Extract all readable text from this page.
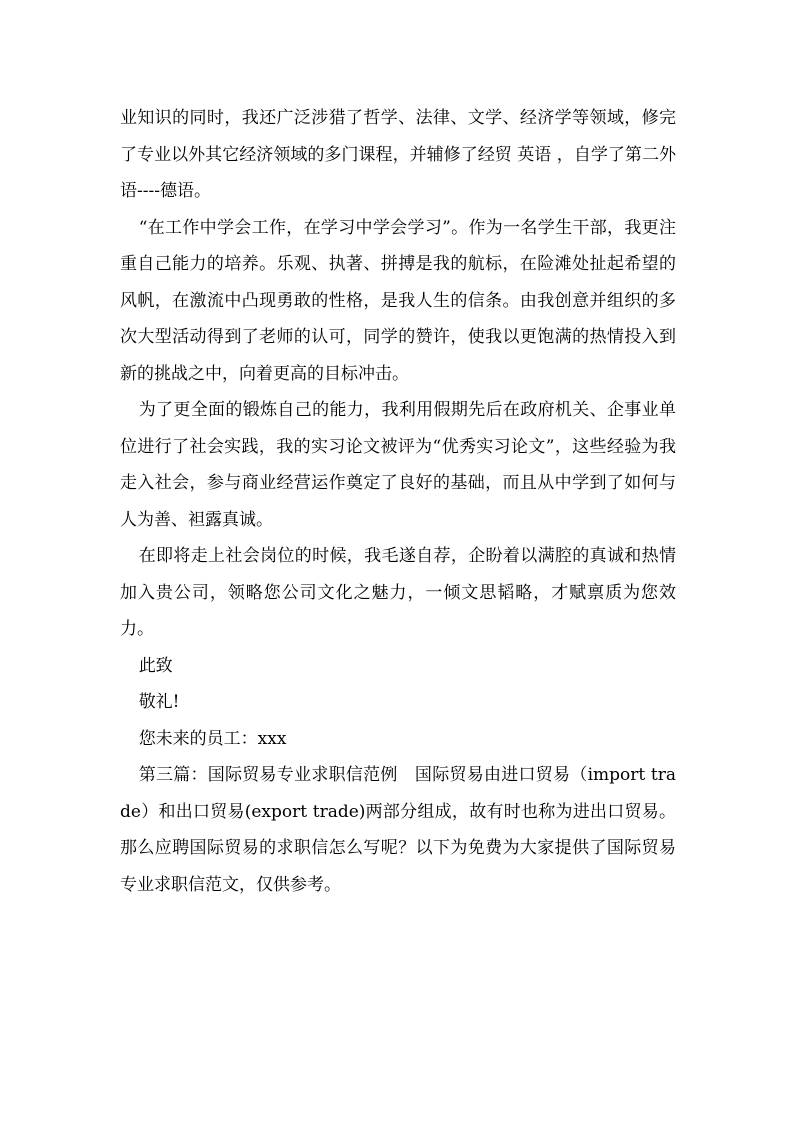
业知识的同时，我还广泛涉猎了哲学、法律、文学、经济学等领域，修完了专业以外其它经济领域的多门课程，并辅修了经贸 英语 ，自学了第二外语----德语。

“在工作中学会工作，在学习中学会学习”。作为一名学生干部，我更注重自己能力的培养。乐观、执著、拼搏是我的航标，在险滩处扯起希望的风帆，在激流中凸现勇敢的性格，是我人生的信条。由我创意并组织的多次大型活动得到了老师的认可，同学的赞许，使我以更饱满的热情投入到新的挑战之中，向着更高的目标冲击。

为了更全面的锻炼自己的能力，我利用假期先后在政府机关、企事业单位进行了社会实践，我的实习论文被评为“优秀实习论文”，这些经验为我走入社会，参与商业经营运作奠定了良好的基础，而且从中学到了如何与人为善、袒露真诚。

在即将走上社会岗位的时候，我毛遂自荐，企盼着以满腔的真诚和热情加入贵公司，领略您公司文化之魅力，一倾文思韬略，才赋禀质为您效力。

此致

敬礼!

您未来的员工：xxx

第三篇：国际贸易专业求职信范例　国际贸易由进口贸易（import trade）和出口贸易(export trade)两部分组成，故有时也称为进出口贸易。那么应聘国际贸易的求职信怎么写呢？以下为免费为大家提供了国际贸易专业求职信范文，仅供参考。
